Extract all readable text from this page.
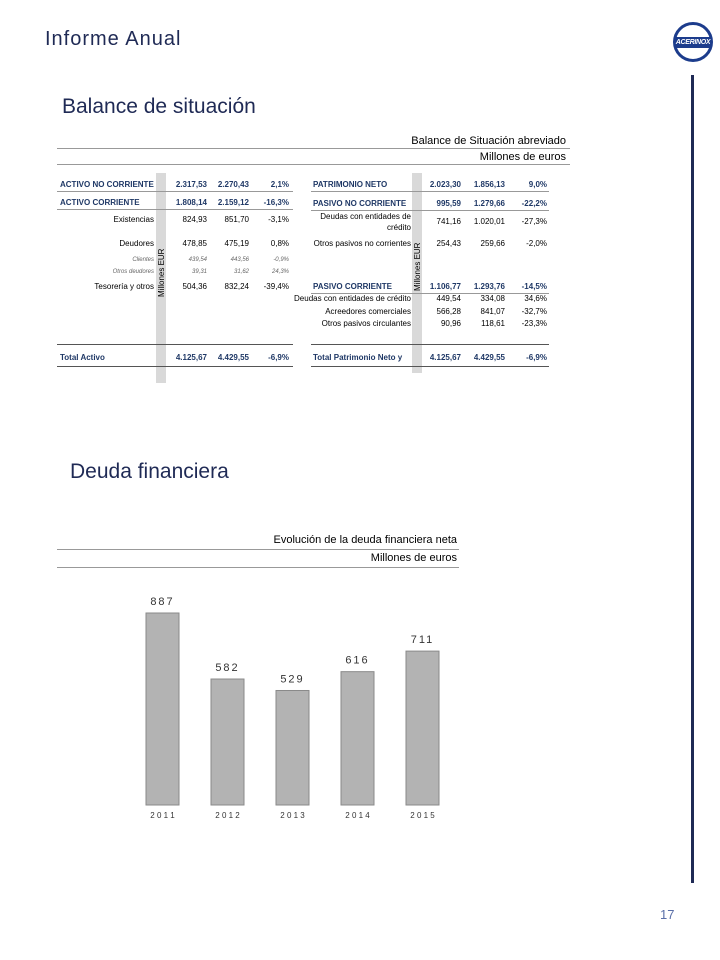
Informe Anual	ACERINOX
Balance de situación
Balance de Situación abreviado
Millones de euros
Millones EUR	Millones EUR
ACTIVO NO CORRIENTE	2.317,53	2.270,43	2,1%
ACTIVO CORRIENTE	1.808,14	2.159,12	-16,3%
Existencias	824,93	851,70	-3,1%
Deudores	478,85	475,19	0,8%
Clientes	439,54	443,56	-0,9%
Otros deudores	39,31	31,62	24,3%
Tesorería y otros	504,36	832,24	-39,4%
Total Activo	4.125,67	4.429,55	-6,9%
PATRIMONIO NETO	2.023,30	1.856,13	9,0%
PASIVO NO CORRIENTE	995,59	1.279,66	-22,2%
Deudas con entidades de
crédito
741,16	1.020,01	-27,3%
Otros pasivos no corrientes	254,43	259,66	-2,0%
PASIVO CORRIENTE	1.106,77	1.293,76	-14,5%
Deudas con entidades de crédito	449,54	334,08	34,6%
Acreedores comerciales	566,28	841,07	-32,7%
Otros pasivos circulantes	90,96	118,61	-23,3%
Total Patrimonio Neto y	4.125,67	4.429,55	-6,9%
Deuda financiera
Evolución de la deuda financiera neta
Millones de euros
887
2 0 1 1
582
2 0 1 2
529
2 0 1 3
616
2 0 1 4
711
2 0 1 5
17
